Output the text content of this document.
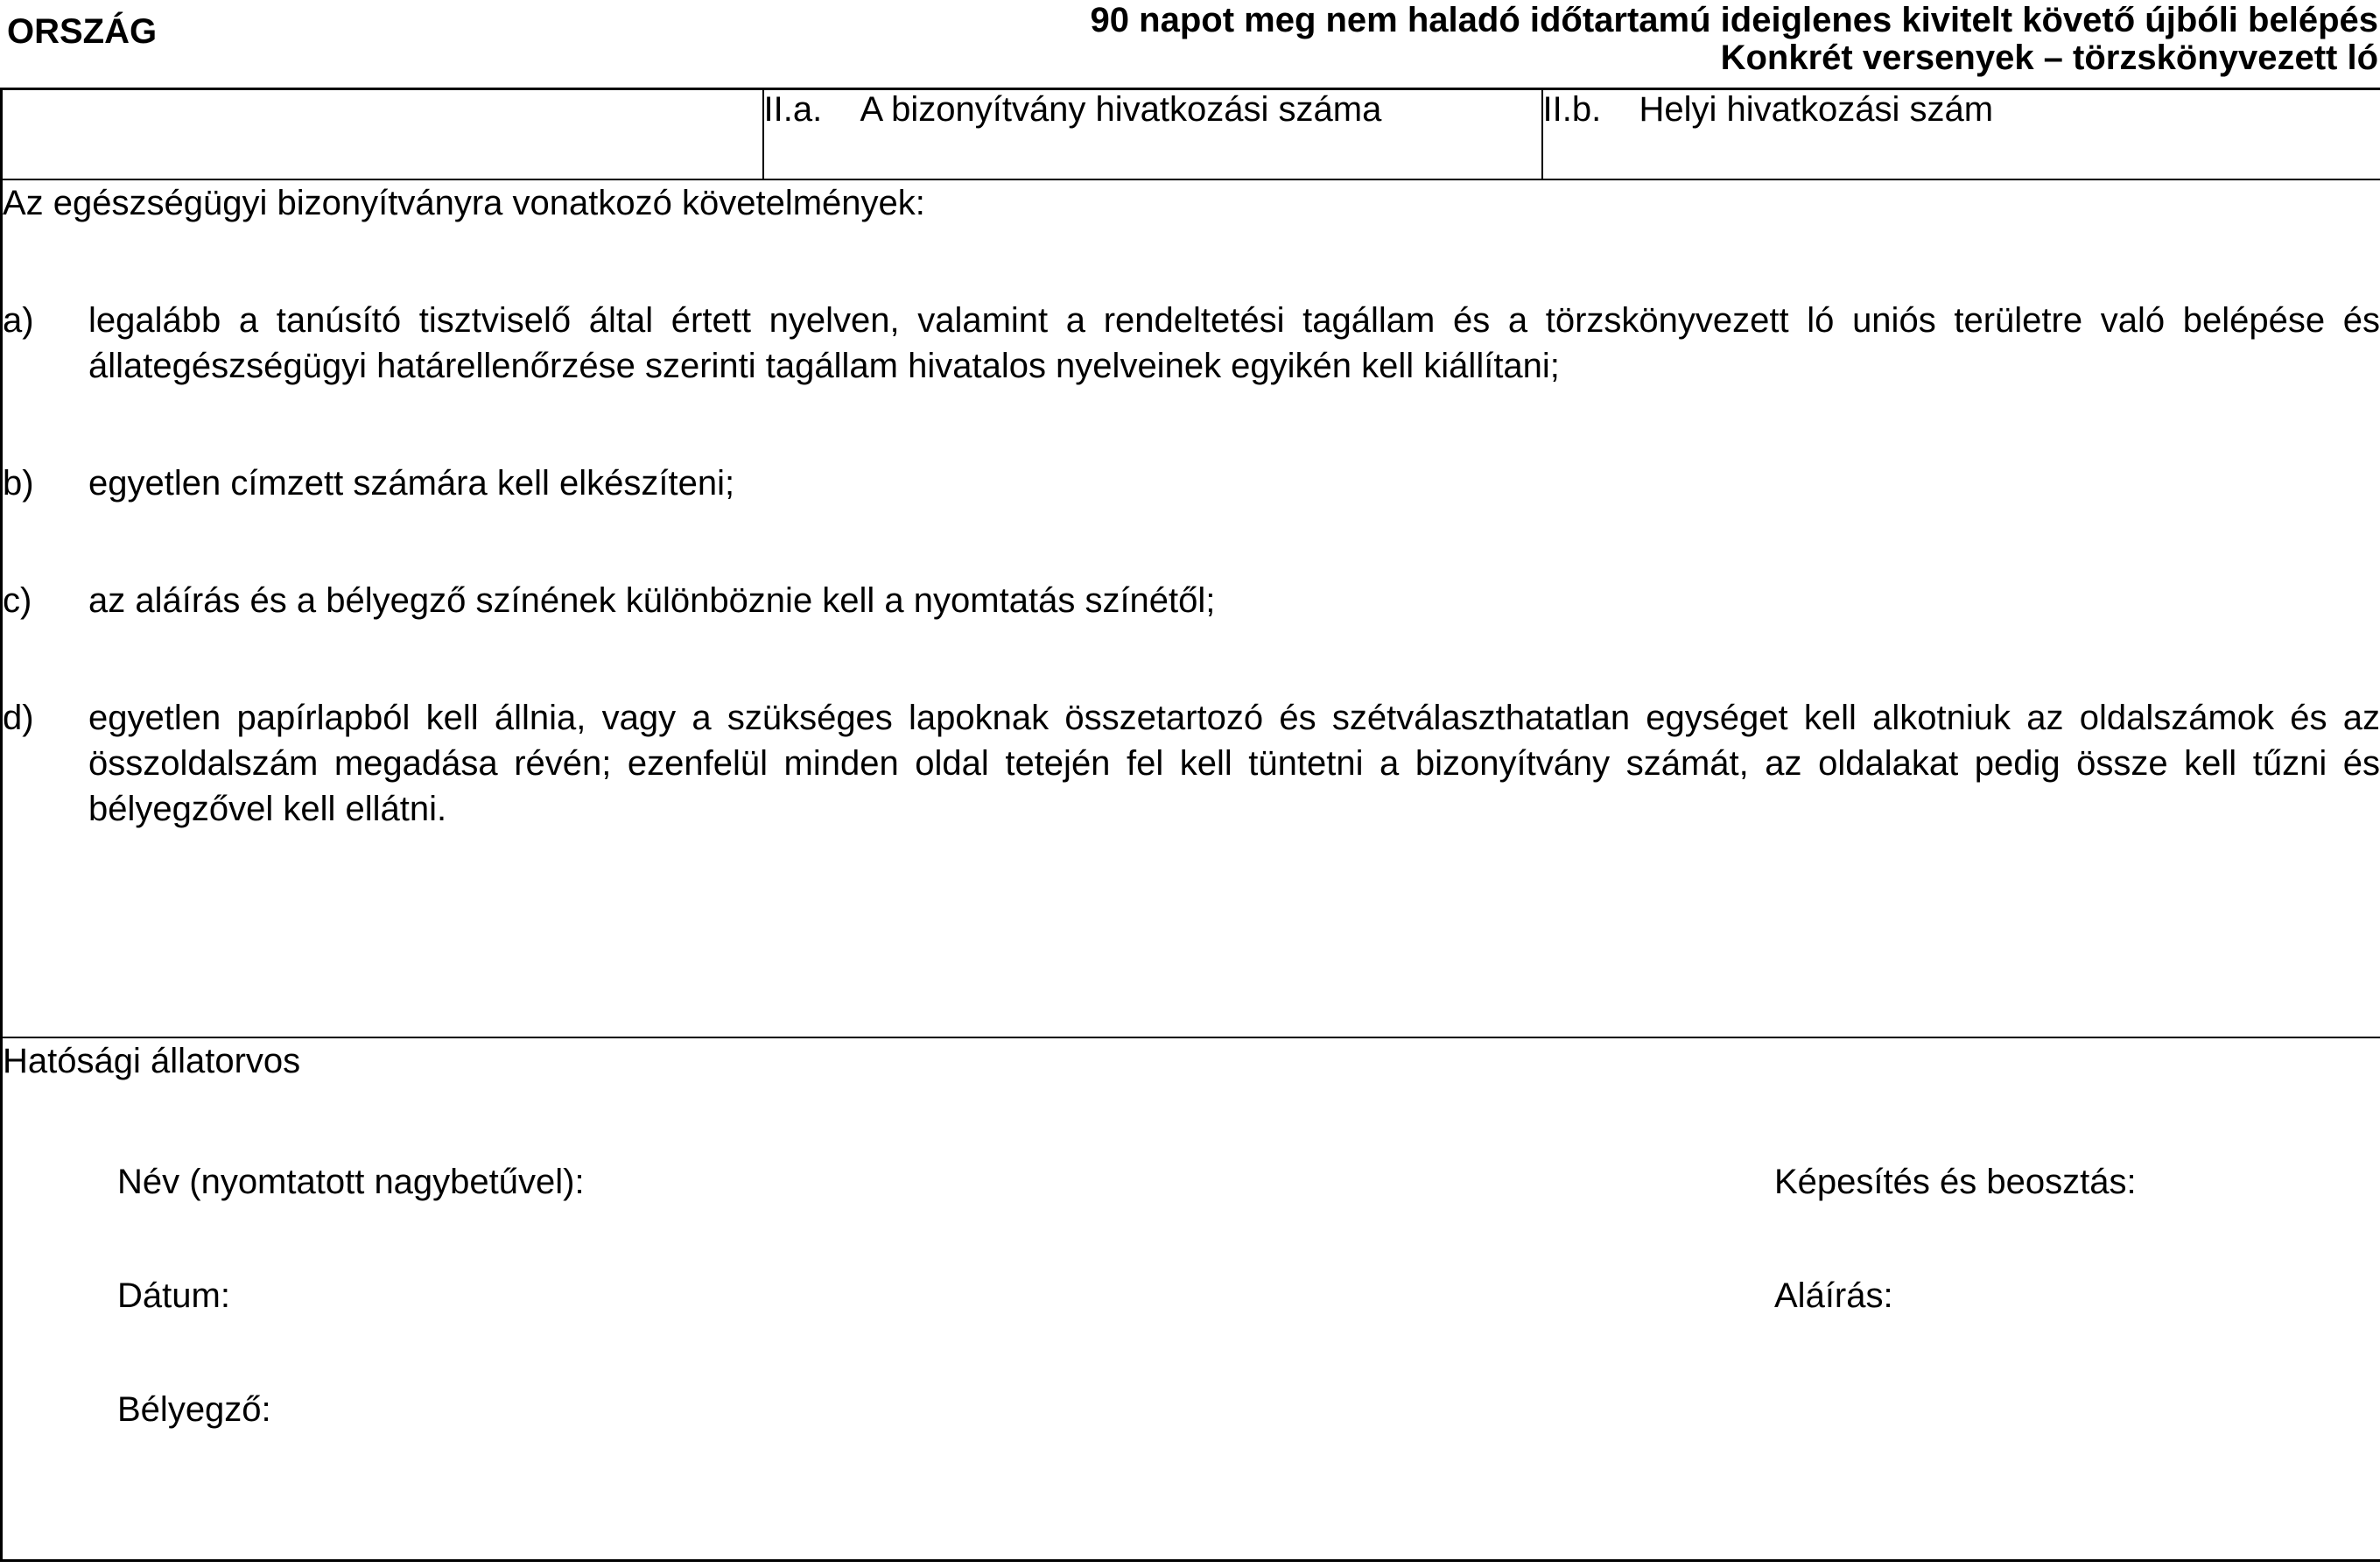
ORSZÁG	90 napot meg nem haladó időtartamú ideiglenes kivitelt követő újbóli belépés
Konkrét versenyek – törzskönyvezett ló
	II.a. A bizonyítvány hivatkozási száma	II.b. Helyi hivatkozási szám

Az egészségügyi bizonyítványra vonatkozó követelmények:
a)	legalább a tanúsító tisztviselő által értett nyelven, valamint a rendeltetési tagállam és a törzskönyvezett ló uniós területre való belépése és állategészségügyi határellenőrzése szerinti tagállam hivatalos nyelveinek egyikén kell kiállítani;
b)	egyetlen címzett számára kell elkészíteni;
c)	az aláírás és a bélyegző színének különböznie kell a nyomtatás színétől;
d)	egyetlen papírlapból kell állnia, vagy a szükséges lapoknak összetartozó és szétválaszthatatlan egységet kell alkotniuk az oldalszámok és az összoldalszám megadása révén; ezenfelül minden oldal tetején fel kell tüntetni a bizonyítvány számát, az oldalakat pedig össze kell tűzni és bélyegzővel kell ellátni.

Hatósági állatorvos
Név (nyomtatott nagybetűvel):	Képesítés és beosztás:
Dátum:	Aláírás:
Bélyegző:
